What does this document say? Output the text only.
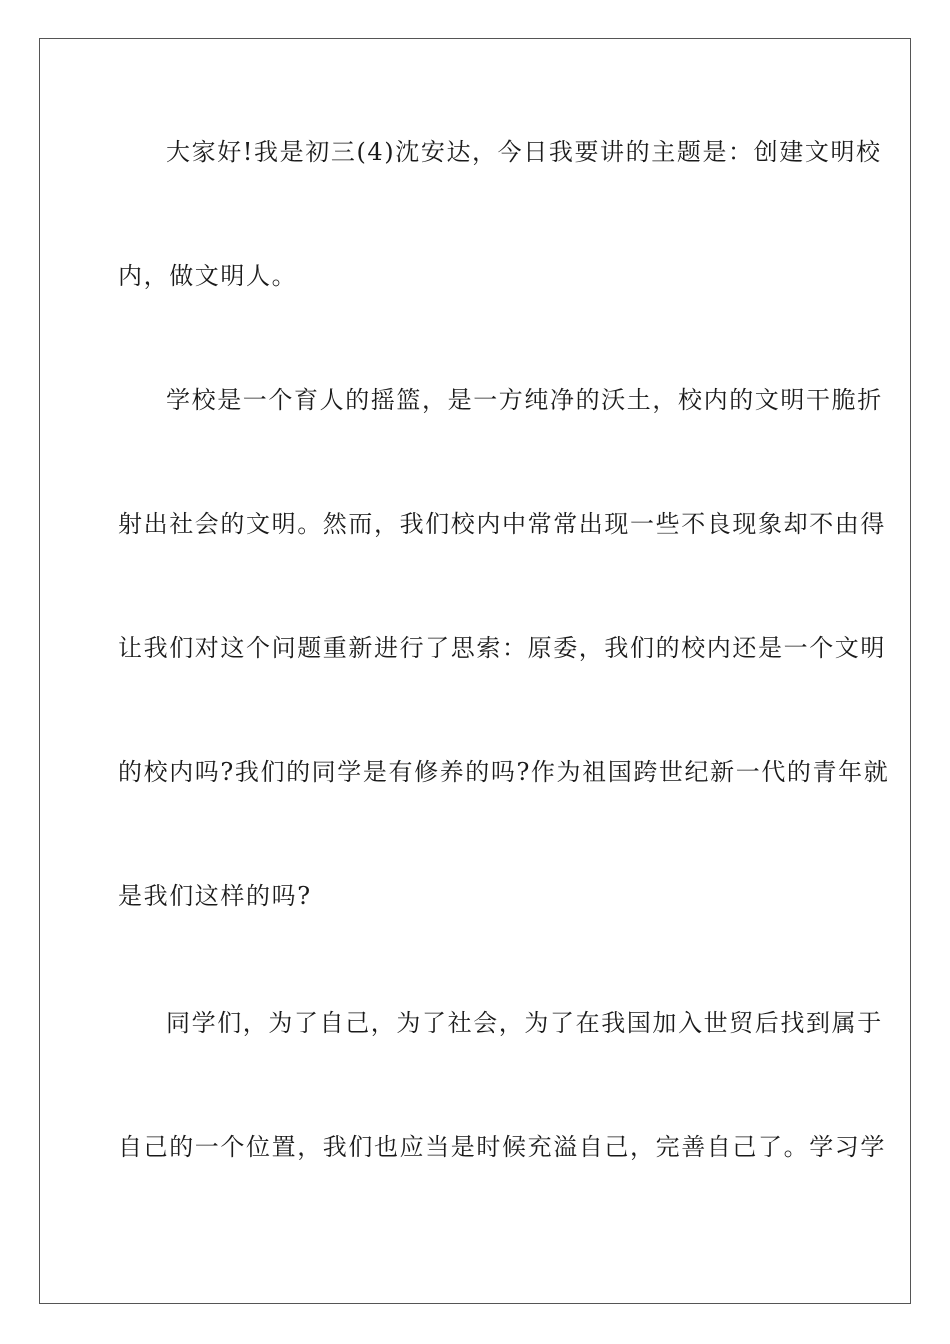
大家好!我是初三(4)沈安达，今日我要讲的主题是：创建文明校
内，做文明人。
学校是一个育人的摇篮，是一方纯净的沃土，校内的文明干脆折
射出社会的文明。然而，我们校内中常常出现一些不良现象却不由得
让我们对这个问题重新进行了思索：原委，我们的校内还是一个文明
的校内吗?我们的同学是有修养的吗?作为祖国跨世纪新一代的青年就
是我们这样的吗?
同学们，为了自己，为了社会，为了在我国加入世贸后找到属于
自己的一个位置，我们也应当是时候充溢自己，完善自己了。学习学
